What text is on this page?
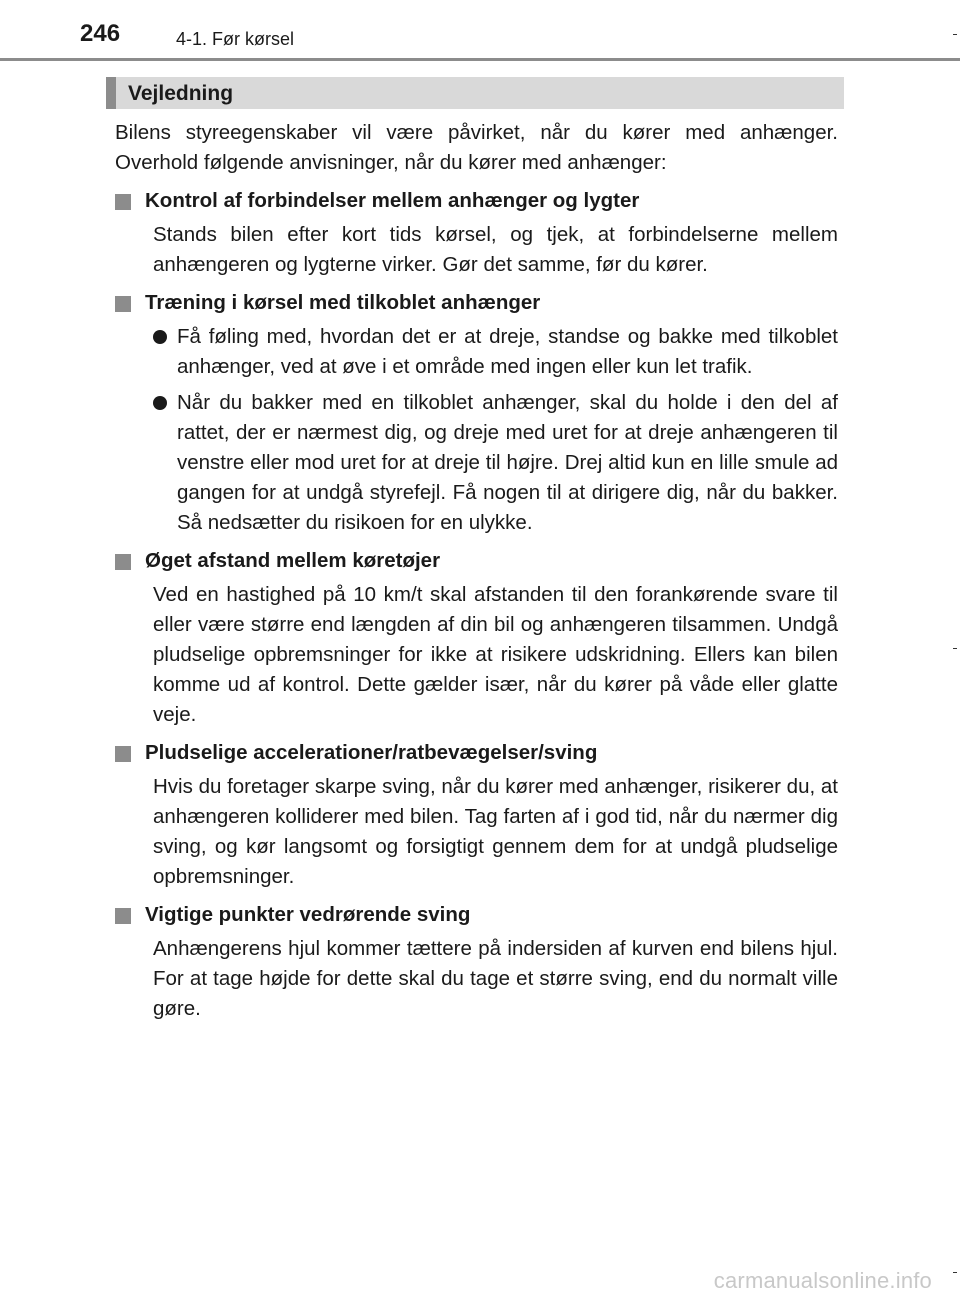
246	4-1. Før kørsel
Vejledning

Bilens styreegenskaber vil være påvirket, når du kører med anhænger. Overhold følgende anvisninger, når du kører med anhænger:

Kontrol af forbindelser mellem anhænger og lygter

Stands bilen efter kort tids kørsel, og tjek, at forbindelserne mellem anhængeren og lygterne virker. Gør det samme, før du kører.

Træning i kørsel med tilkoblet anhænger

Få føling med, hvordan det er at dreje, standse og bakke med tilkoblet anhænger, ved at øve i et område med ingen eller kun let trafik.
Når du bakker med en tilkoblet anhænger, skal du holde i den del af rattet, der er nærmest dig, og dreje med uret for at dreje anhængeren til venstre eller mod uret for at dreje til højre. Drej altid kun en lille smule ad gangen for at undgå styrefejl. Få nogen til at dirigere dig, når du bakker. Så nedsætter du risikoen for en ulykke.

Øget afstand mellem køretøjer

Ved en hastighed på 10 km/t skal afstanden til den forankørende svare til eller være større end længden af din bil og anhængeren tilsammen. Undgå pludselige opbremsninger for ikke at risikere udskridning. Ellers kan bilen komme ud af kontrol. Dette gælder især, når du kører på våde eller glatte veje.

Pludselige accelerationer/ratbevægelser/sving

Hvis du foretager skarpe sving, når du kører med anhænger, risikerer du, at anhængeren kolliderer med bilen. Tag farten af i god tid, når du nærmer dig sving, og kør langsomt og forsigtigt gennem dem for at undgå pludselige opbremsninger.

Vigtige punkter vedrørende sving

Anhængerens hjul kommer tættere på indersiden af kurven end bilens hjul. For at tage højde for dette skal du tage et større sving, end du normalt ville gøre.

carmanualsonline.info
